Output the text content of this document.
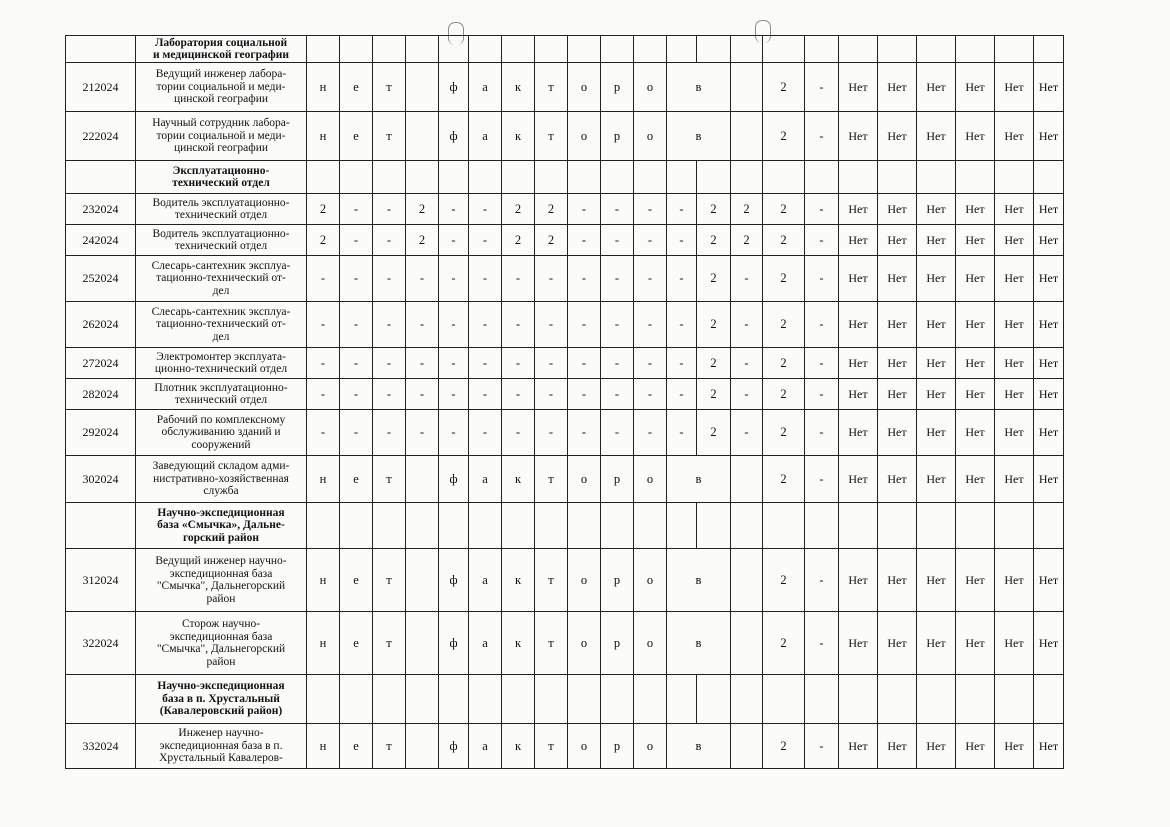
	Лаборатория социальной
и медицинской географии																						
212024	Ведущий инженер лабора-
тории социальной и меди-
цинской географии	н	е	т		ф	а	к	т	о	р	о	в			2	-	Нет	Нет	Нет	Нет	Нет	Нет
222024	Научный сотрудник лабора-
тории социальной и меди-
цинской географии	н	е	т		ф	а	к	т	о	р	о	в			2	-	Нет	Нет	Нет	Нет	Нет	Нет
	Эксплуатационно-
технический отдел																						
232024	Водитель эксплуатационно-
технический отдел	2	-	-	2	-	-	2	2	-	-	-	-	2	2	2	-	Нет	Нет	Нет	Нет	Нет	Нет
242024	Водитель эксплуатационно-
технический отдел	2	-	-	2	-	-	2	2	-	-	-	-	2	2	2	-	Нет	Нет	Нет	Нет	Нет	Нет
252024	Слесарь-сантехник эксплуа-
тационно-технический от-
дел	-	-	-	-	-	-	-	-	-	-	-	-	2	-	2	-	Нет	Нет	Нет	Нет	Нет	Нет
262024	Слесарь-сантехник эксплуа-
тационно-технический от-
дел	-	-	-	-	-	-	-	-	-	-	-	-	2	-	2	-	Нет	Нет	Нет	Нет	Нет	Нет
272024	Электромонтер эксплуата-
ционно-технический отдел	-	-	-	-	-	-	-	-	-	-	-	-	2	-	2	-	Нет	Нет	Нет	Нет	Нет	Нет
282024	Плотник эксплуатационно-
технический отдел	-	-	-	-	-	-	-	-	-	-	-	-	2	-	2	-	Нет	Нет	Нет	Нет	Нет	Нет
292024	Рабочий по комплексному
обслуживанию зданий и
сооружений	-	-	-	-	-	-	-	-	-	-	-	-	2	-	2	-	Нет	Нет	Нет	Нет	Нет	Нет
302024	Заведующий складом адми-
нистративно-хозяйственная
служба	н	е	т		ф	а	к	т	о	р	о	в			2	-	Нет	Нет	Нет	Нет	Нет	Нет
	Научно-экспедиционная
база «Смычка», Дальне-
горский район																						
312024	Ведущий инженер научно-
экспедиционная база
"Смычка", Дальнегорский
район	н	е	т		ф	а	к	т	о	р	о	в			2	-	Нет	Нет	Нет	Нет	Нет	Нет
322024	Сторож научно-
экспедиционная база
"Смычка", Дальнегорский
район	н	е	т		ф	а	к	т	о	р	о	в			2	-	Нет	Нет	Нет	Нет	Нет	Нет
	Научно-экспедиционная
база в п. Хрустальный
(Кавалеровский район)																						
332024	Инженер научно-
экспедиционная база в п.
Хрустальный Кавалеров-	н	е	т		ф	а	к	т	о	р	о	в			2	-	Нет	Нет	Нет	Нет	Нет	Нет
